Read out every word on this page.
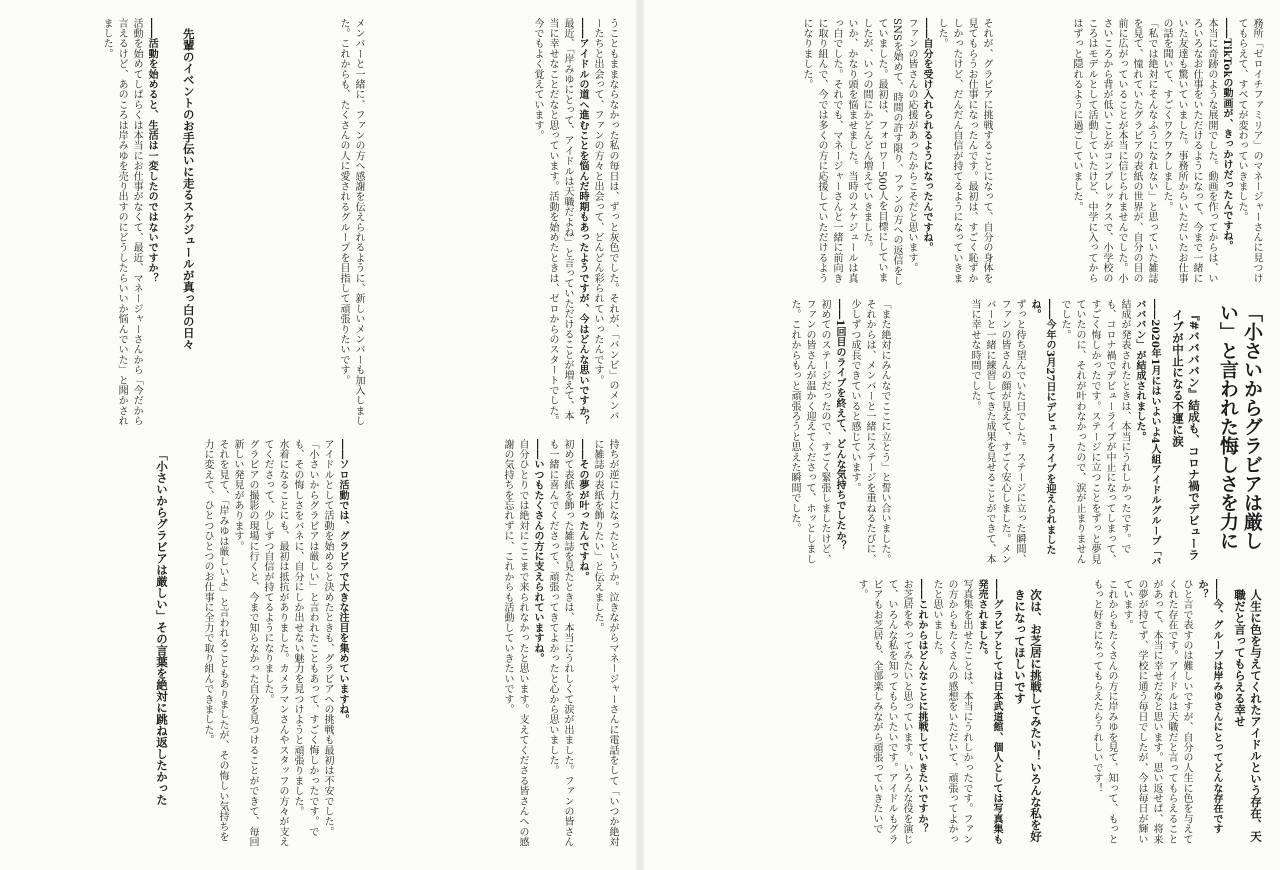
うこともままならなかった私の毎日は、ずっと灰色でした。それが、「バンビ」のメンバーたちと出会って、ファンの方々と出会って、どんどん彩られていったんです。
――アイドルの道へ進むことを悩んだ時期もあったようですが、今はどんな思いですか？
最近、「岸みゆにとって、アイドルは天職だよね」と言っていただけることが増えて、本当に幸せなことだなと思っています。活動を始めたときは、ゼロからのスタートでした。今でもよく覚えています。
メンバーと一緒に、ファンの方へ感謝を伝えられるように、新しいメンバーも加入しました。これからも、たくさんの人に愛されるグループを目指して頑張りたいです。
先輩のイベントのお手伝いに走るスケジュールが真っ白の日々
――活動を始めると、生活は一変したのではないですか？
活動を始めてしばらくは本当にお仕事がなくて、最近、マネージャーさんから「今だから言えるけど、あのころは岸みゆを売り出すのにどうしたらいいか悩んでいた」と聞かされました。
持ちが逆に力になったというか。泣きながらマネージャーさんに電話をして「いつか絶対に雑誌の表紙を飾りたい」と伝えました。
――その夢が叶ったんですね。
初めて表紙を飾った雑誌を見たときは、本当にうれしくて涙が出ました。ファンの皆さんも一緒に喜んでくださって、頑張ってきてよかったと心から思いました。
――いつもたくさんの方に支えられていますね。
自分ひとりでは絶対にここまで来られなかったと思います。支えてくださる皆さんへの感謝の気持ちを忘れずに、これからも活動していきたいです。
――ソロ活動では、グラビアで大きな注目を集めていますね。
アイドルとして活動を始めると決めたときも、グラビアへの挑戦も最初は不安でした。「小さいからグラビアは厳しい」と言われたこともあって、すごく悔しかったです。でも、その悔しさをバネに、自分にしか出せない魅力を見つけようと頑張りました。
水着になることにも、最初は抵抗がありました。カメラマンさんやスタッフの方々が支えてくださって、少しずつ自信が持てるようになりました。
グラビアの撮影の現場に行くと、今まで知らなかった自分を見つけることができて、毎回新しい発見があります。
それを見て、「岸みゆは厳しいよ」と言われることもありましたが、その悔しい気持ちを力に変えて、ひとつひとつのお仕事に全力で取り組んできました。
「小さいからグラビアは厳しい」その言葉を絶対に跳ね返したかった
務所「ゼロイチファミリア」のマネージャーさんに見つけてもらえて、すべてが変わっていきました。
――TikTokの動画が、きっかけだったんですね。
本当に奇跡のような展開でした。動画を作ってからは、いろいろなお仕事をいただけるようになって、今まで一緒にいた友達も驚いていました。事務所からいただいたお仕事の話を聞いて、すごくワクワクしました。
「私では絶対にそんなふうになれない」と思っていた雑誌を見て、憧れていたグラビアの表紙の世界が、自分の目の前に広がっていることが本当に信じられませんでした。小さいころから背が低いことがコンプレックスで、小学校のころはモデルとして活動していたけど、中学に入ってからはずっと隠れるように過ごしていました。
それが、グラビアに挑戦することになって、自分の身体を見てもらうお仕事になったんです。最初は、すごく恥ずかしかったけど、だんだん自信が持てるようになっていきました。
――自分を受け入れられるようになったんですね。
ファンの皆さんの応援があったからこそだと思います。SNSを始めて、時間の許す限り、ファンの方への返信をしていました。最初は、フォロワー500人を目標にしていましたが、いつの間にかどんどん増えていきました。
いか、かなり頭を悩ませました。当時のスケジュールは真っ白でした。それでも、マネージャーさんと一緒に前向きに取り組んで、今では多くの方に応援していただけるようになりました。
「小さいからグラビアは厳しい」と言われた悔しさを力に
『#ババババン』結成も、コロナ禍でデビューライブが中止になる不運に涙
――2020年1月にはいよいよ4人組アイドルグループ「ババババン」が結成されました。
結成が発表されたときは、本当にうれしかったです。でも、コロナ禍でデビューライブが中止になってしまって、すごく悔しかったです。ステージに立つことをずっと夢見ていたのに、それが叶わなかったので、涙が止まりませんでした。
――今年の3月27日にデビューライブを迎えられましたね。
ずっと待ち望んでいた日でした。ステージに立った瞬間、ファンの皆さんの顔が見えて、すごく安心しました。メンバーと一緒に練習してきた成果を見せることができて、本当に幸せな時間でした。
「また絶対にみんなでここに立とう」と誓い合いました。それからは、メンバーと一緒にステージを重ねるたびに、少しずつ成長できていると感じています。
――1回目のライブを終えて、どんな気持ちでしたか？
初めてのステージだったので、すごく緊張しましたけど、ファンの皆さんが温かく迎えてくださって、ホッとしました。これからもっと頑張ろうと思えた瞬間でした。
人生に色を与えてくれたアイドルという存在、天職だと言ってもらえる幸せ
――今、グループは岸みゆさんにとってどんな存在ですか？
ひと言で表すのは難しいですが、自分の人生に色を与えてくれた存在です。アイドルは天職だと言ってもらえることがあって、本当に幸せだなと思います。思い返せば、将来の夢が持てず、学校に通う毎日でしたが、今は毎日が輝いています。
これからもたくさんの方に岸みゆを見て、知って、もっともっと好きになってもらえたらうれしいです！
次は、お芝居に挑戦してみたい！いろんな私を好きになってほしいです
――グラビアとしては日本武道館、個人としては写真集も発売されました。
写真集を出せたことは、本当にうれしかったです。ファンの方からもたくさんの感想をいただいて、頑張ってよかったと思いました。
――これからはどんなことに挑戦していきたいですか？
お芝居をやってみたいと思っています。いろんな役を演じて、いろんな私を知ってもらいたいです。アイドルもグラビアもお芝居も、全部楽しみながら頑張っていきたいです。
